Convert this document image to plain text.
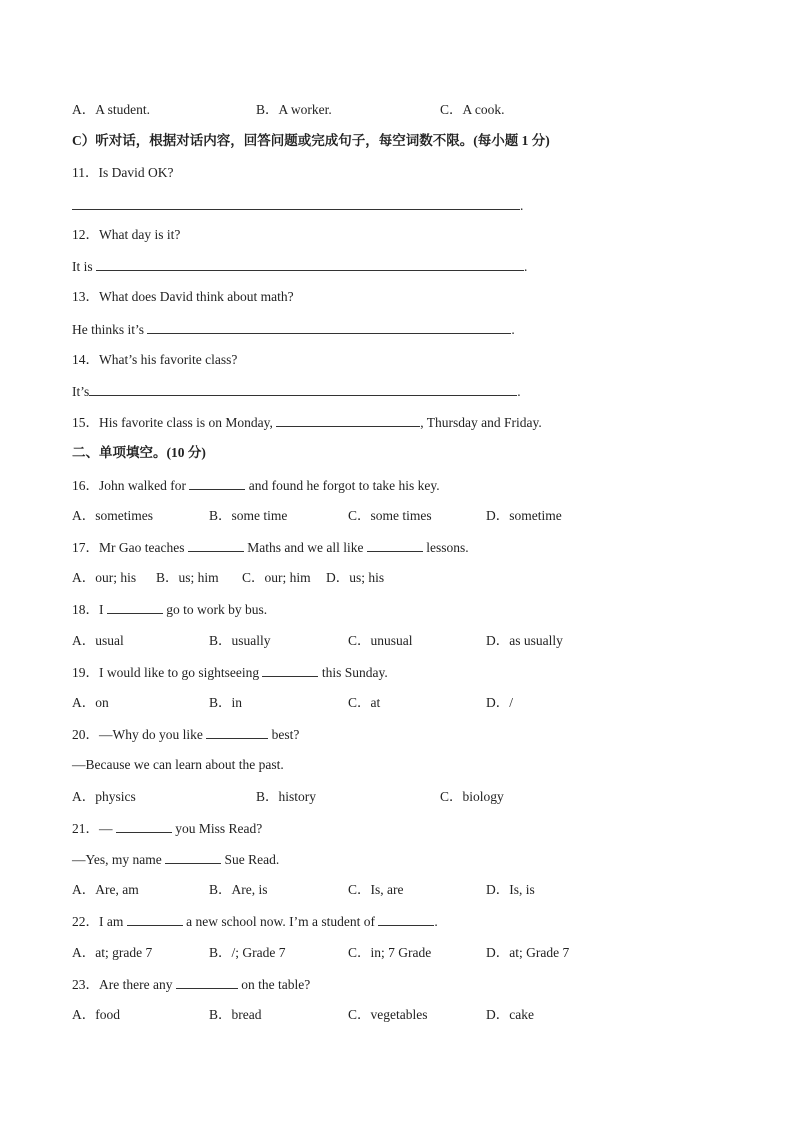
A．A student.	B．A worker.	C．A cook.
C）听对话，根据对话内容，回答问题或完成句子，每空词数不限。(每小题 1 分)
11．Is David OK?
.
12．What day is it?
It is	.
13．What does David think about math?
He thinks it’s	.
14．What’s his favorite class?
It’s	.
15．His favorite class is on Monday,	, Thursday and Friday.
二、单项填空。(10 分)
16．John walked for	and found he forgot to take his key.
A．sometimes	B．some time	C．some times	D．sometime
17．Mr Gao teaches	Maths and we all like	lessons.
A．our; his B．us; him C．our; him D．us; his
18．I	go to work by bus.
A．usual	B．usually	C．unusual	D．as usually
19．I would like to go sightseeing	this Sunday.
A．on	B．in	C．at	D．/
20．—Why do you like	best?
—Because we can learn about the past.
A．physics	B．history	C．biology
21．—	you Miss Read?
—Yes, my name	Sue Read.
A．Are, am	B．Are, is	C．Is, are	D．Is, is
22．I am	a new school now. I’m a student of	.
A．at; grade 7	B．/; Grade 7	C．in; 7 Grade	D．at; Grade 7
23．Are there any	on the table?
A．food	B．bread	C．vegetables	D．cake
